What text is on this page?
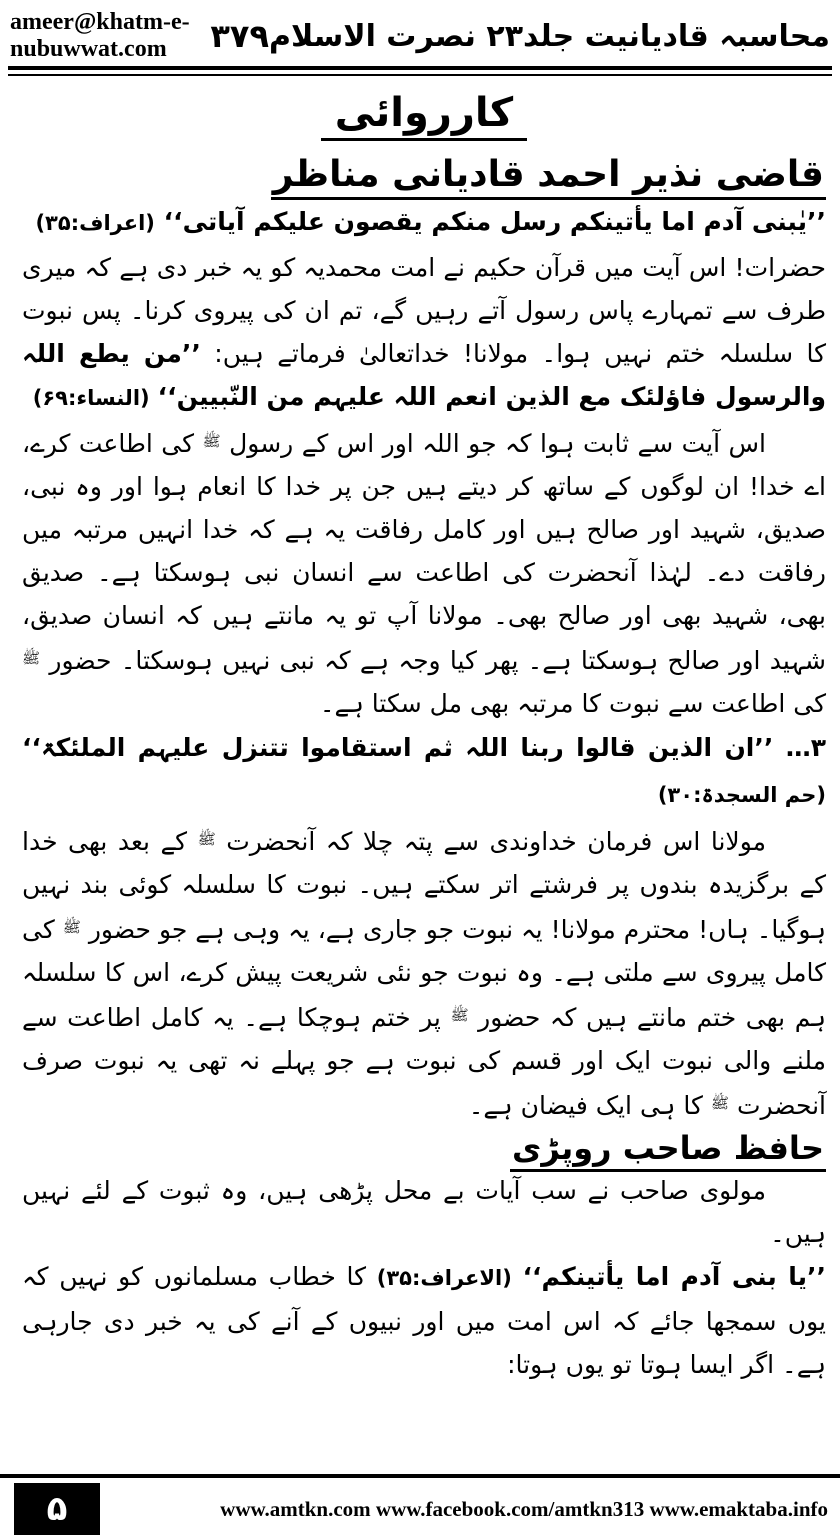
محاسبہ قادیانیت جلد۲۳ نصرت الاسلام
ameer@khatm-e-nubuwwat.com	۳۷۹
کارروائی
قاضی نذیر احمد قادیانی مناظر

’’یٰبنی آدم اما یأتینکم رسل منکم یقصون علیکم آیاتی‘‘ (اعراف:۳۵)

حضرات! اس آیت میں قرآن حکیم نے امت محمدیہ کو یہ خبر دی ہے کہ میری طرف سے تمہارے پاس رسول آتے رہیں گے، تم ان کی پیروی کرنا۔ پس نبوت کا سلسلہ ختم نہیں ہوا۔ مولانا! خداتعالیٰ فرماتے ہیں: ’’من یطع اللہ والرسول فاؤلئک مع الذین انعم اللہ علیہم من النّبیین‘‘ (النساء:۶۹)

اس آیت سے ثابت ہوا کہ جو اللہ اور اس کے رسول $^ﷺ$ کی اطاعت کرے، اے خدا! ان لوگوں کے ساتھ کر دیتے ہیں جن پر خدا کا انعام ہوا اور وہ نبی، صدیق، شہید اور صالح ہیں اور کامل رفاقت یہ ہے کہ خدا انہیں مرتبہ میں رفاقت دے۔ لہٰذا آنحضرت کی اطاعت سے انسان نبی ہوسکتا ہے۔ صدیق بھی، شہید بھی اور صالح بھی۔ مولانا آپ تو یہ مانتے ہیں کہ انسان صدیق، شہید اور صالح ہوسکتا ہے۔ پھر کیا وجہ ہے کہ نبی نہیں ہوسکتا۔ حضور $^ﷺ$ کی اطاعت سے نبوت کا مرتبہ بھی مل سکتا ہے۔

۳… ’’ان الذین قالوا ربنا اللہ ثم استقاموا تتنزل علیہم الملئکۃ‘‘ (حم السجدۃ:۳۰)

مولانا اس فرمان خداوندی سے پتہ چلا کہ آنحضرت $^ﷺ$ کے بعد بھی خدا کے برگزیدہ بندوں پر فرشتے اتر سکتے ہیں۔ نبوت کا سلسلہ کوئی بند نہیں ہوگیا۔ ہاں! محترم مولانا! یہ نبوت جو جاری ہے، یہ وہی ہے جو حضور $^ﷺ$ کی کامل پیروی سے ملتی ہے۔ وہ نبوت جو نئی شریعت پیش کرے، اس کا سلسلہ ہم بھی ختم مانتے ہیں کہ حضور $^ﷺ$ پر ختم ہوچکا ہے۔ یہ کامل اطاعت سے ملنے والی نبوت ایک اور قسم کی نبوت ہے جو پہلے نہ تھی یہ نبوت صرف آنحضرت $^ﷺ$ کا ہی ایک فیضان ہے۔

حافظ صاحب روپڑی

مولوی صاحب نے سب آیات بے محل پڑھی ہیں، وہ ثبوت کے لئے نہیں ہیں۔

’’یا بنی آدم اما یأتینکم‘‘ (الاعراف:۳۵) کا خطاب مسلمانوں کو نہیں کہ یوں سمجھا جائے کہ اس امت میں اور نبیوں کے آنے کی یہ خبر دی جارہی ہے۔ اگر ایسا ہوتا تو یوں ہوتا:

۵	www.amtkn.com www.facebook.com/amtkn313 www.emaktaba.info
